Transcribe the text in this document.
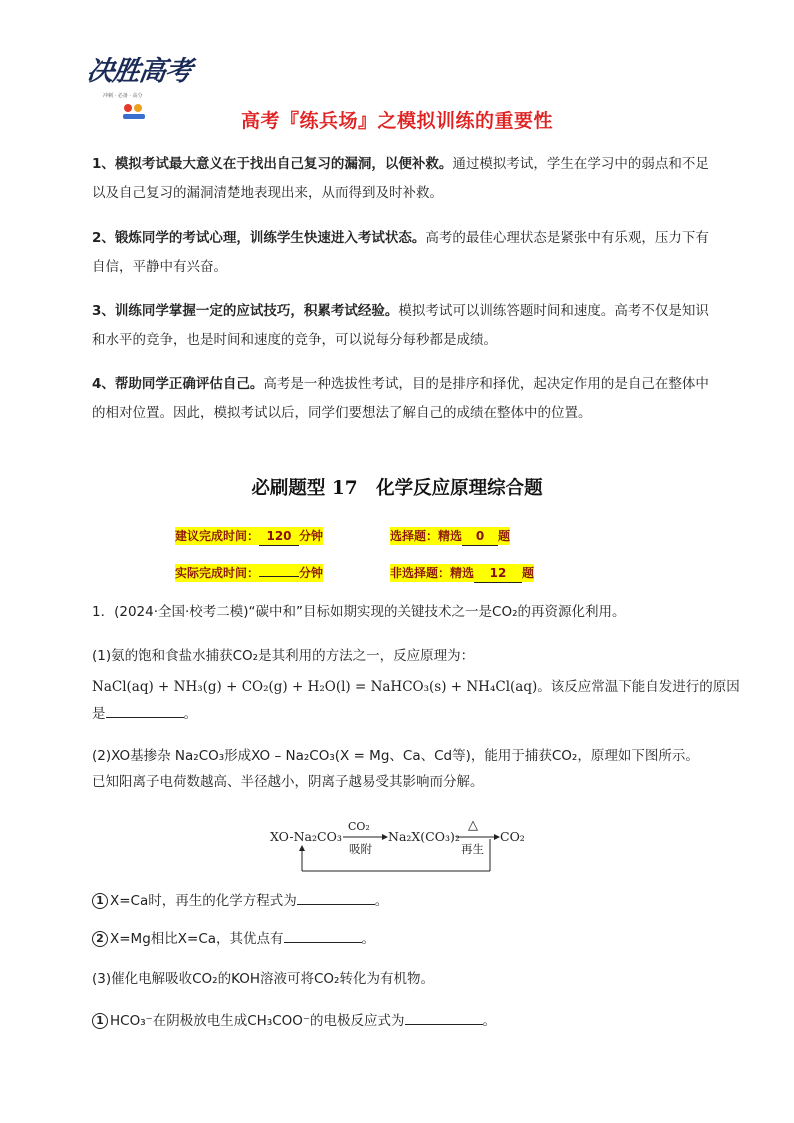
决胜高考
冲刺 · 必备 · 高分
高考『练兵场』之模拟训练的重要性
1、模拟考试最大意义在于找出自己复习的漏洞，以便补救。通过模拟考试，学生在学习中的弱点和不足以及自己复习的漏洞清楚地表现出来，从而得到及时补救。
2、锻炼同学的考试心理，训练学生快速进入考试状态。高考的最佳心理状态是紧张中有乐观，压力下有自信，平静中有兴奋。
3、训练同学掌握一定的应试技巧，积累考试经验。模拟考试可以训练答题时间和速度。高考不仅是知识和水平的竞争，也是时间和速度的竞争，可以说每分每秒都是成绩。
4、帮助同学正确评估自己。高考是一种选拔性考试，目的是排序和择优，起决定作用的是自己在整体中的相对位置。因此，模拟考试以后，同学们要想法了解自己的成绩在整体中的位置。
必刷题型 17　化学反应原理综合题
建议完成时间： 120 分钟	选择题：精选 0 题
实际完成时间：	分钟	非选择题：精选 12 题
1．(2024·全国·校考二模)“碳中和”目标如期实现的关键技术之一是CO₂的再资源化利用。
(1)氨的饱和食盐水捕获CO₂是其利用的方法之一，反应原理为：
NaCl(aq) + NH₃(g) + CO₂(g) + H₂O(l) = NaHCO₃(s) + NH₄Cl(aq)。该反应常温下能自发进行的原因
是	。
(2)XO基掺杂 Na₂CO₃形成XO – Na₂CO₃(X = Mg、Ca、Cd等)，能用于捕获CO₂，原理如下图所示。
已知阳离子电荷数越高、半径越小，阴离子越易受其影响而分解。
XO-Na₂CO₃
CO₂
吸附
Na₂X(CO₃)₂
△
再生
CO₂
1 X=Ca时，再生的化学方程式为	。
2 X=Mg相比X=Ca，其优点有	。
(3)催化电解吸收CO₂的KOH溶液可将CO₂转化为有机物。
1 HCO₃⁻在阴极放电生成CH₃COO⁻的电极反应式为	。
